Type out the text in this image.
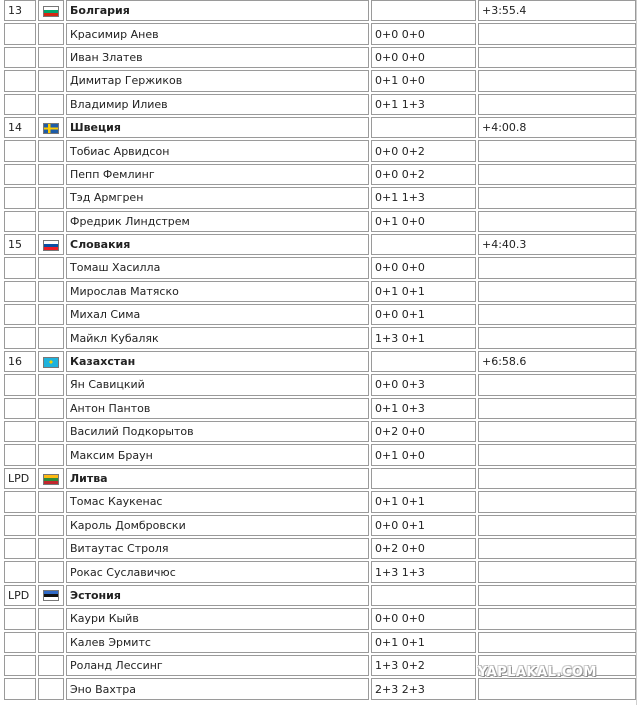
13		Болгария		+3:55.4
		Красимир Анев	0+0 0+0	
		Иван Златев	0+0 0+0	
		Димитар Гержиков	0+1 0+0	
		Владимир Илиев	0+1 1+3	
14		Швеция		+4:00.8
		Тобиас Арвидсон	0+0 0+2	
		Пепп Фемлинг	0+0 0+2	
		Тэд Армгрен	0+1 1+3	
		Фредрик Линдстрем	0+1 0+0	
15		Словакия		+4:40.3
		Томаш Хасилла	0+0 0+0	
		Мирослав Матяско	0+1 0+1	
		Михал Сима	0+0 0+1	
		Майкл Кубаляк	1+3 0+1	
16		Казахстан		+6:58.6
		Ян Савицкий	0+0 0+3	
		Антон Пантов	0+1 0+3	
		Василий Подкорытов	0+2 0+0	
		Максим Браун	0+1 0+0	
LPD		Литва		
		Томас Каукенас	0+1 0+1	
		Кароль Домбровски	0+0 0+1	
		Витаутас Строля	0+2 0+0	
		Рокас Суславичюс	1+3 1+3	
LPD		Эстония		
		Каури Кыйв	0+0 0+0	
		Калев Эрмитс	0+1 0+1	
		Роланд Лессинг	1+3 0+2	
		Эно Вахтра	2+3 2+3	
YAPLAKAL.COM
